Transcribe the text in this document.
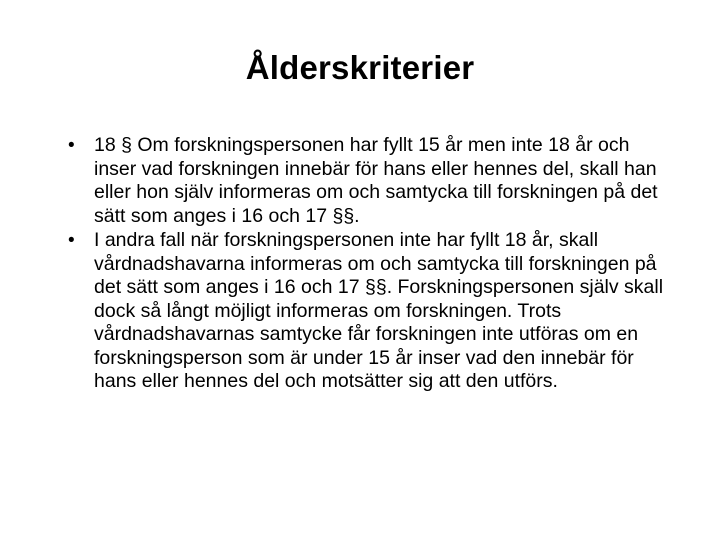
Ålderskriterier
• 18 § Om forskningspersonen har fyllt 15 år men inte 18 år och inser vad forskningen innebär för hans eller hennes del, skall han eller hon själv informeras om och samtycka till forskningen på det sätt som anges i 16 och 17 §§.
• I andra fall när forskningspersonen inte har fyllt 18 år, skall vårdnadshavarna informeras om och samtycka till forskningen på det sätt som anges i 16 och 17 §§. Forskningspersonen själv skall dock så långt möjligt informeras om forskningen. Trots vårdnadshavarnas samtycke får forskningen inte utföras om en forskningsperson som är under 15 år inser vad den innebär för hans eller hennes del och motsätter sig att den utförs.
